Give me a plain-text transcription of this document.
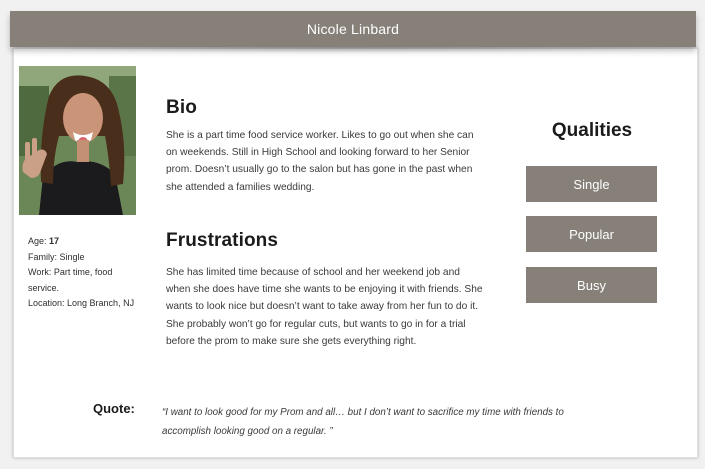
Nicole Linbard
Age: 17
Family: Single
Work: Part time, food service.
Location: Long Branch, NJ
Bio
She is a part time food service worker. Likes to go out when she can on weekends. Still in High School and looking forward to her Senior prom. Doesn’t usually go to the salon but has gone in the past when she attended a families wedding.
Frustrations
She has limited time because of school and her weekend job and when she does have time she wants to be enjoying it with friends. She wants to look nice but doesn’t want to take away from her fun to do it. She probably won’t go for regular cuts, but wants to go in for a trial before the prom to make sure she gets everything right.
Qualities
Single
Popular
Busy
Quote:	“I want to look good for my Prom and all… but I don’t want to sacrifice my time with friends to accomplish looking good on a regular. ”
